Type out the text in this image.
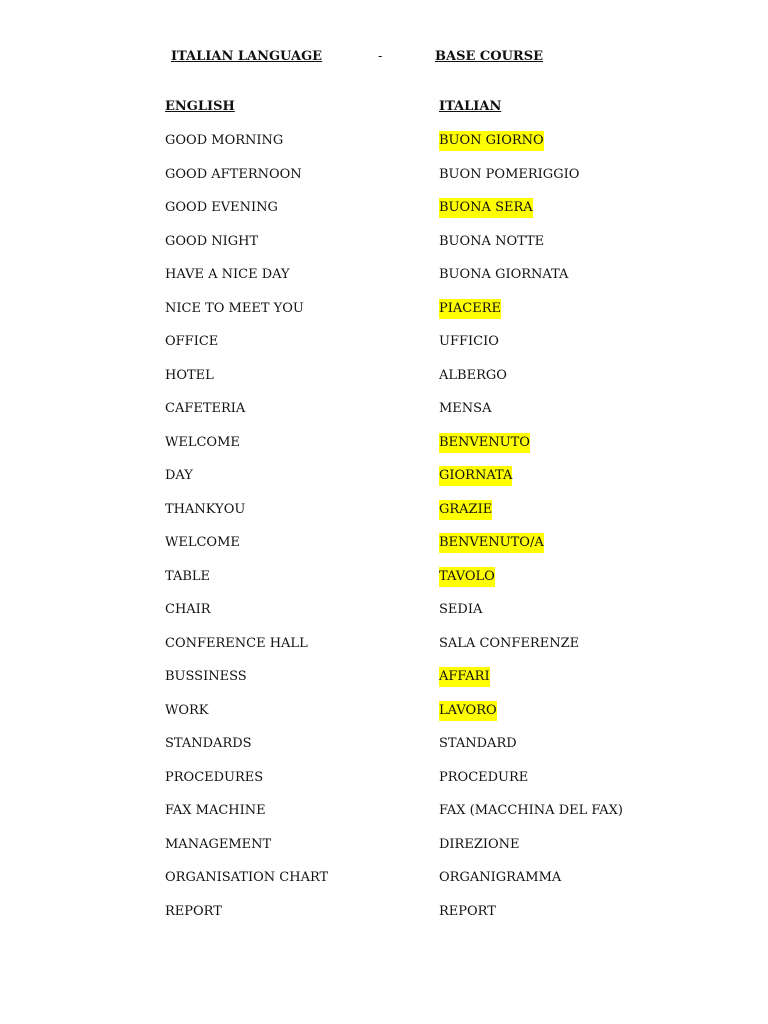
ITALIAN LANGUAGE	-	BASE COURSE
ENGLISH	ITALIAN
GOOD MORNING	BUON GIORNO
GOOD AFTERNOON	BUON POMERIGGIO
GOOD EVENING	BUONA SERA
GOOD NIGHT	BUONA NOTTE
HAVE A NICE DAY	BUONA GIORNATA
NICE TO MEET YOU	PIACERE
OFFICE	UFFICIO
HOTEL	ALBERGO
CAFETERIA	MENSA
WELCOME	BENVENUTO
DAY	GIORNATA
THANKYOU	GRAZIE
WELCOME	BENVENUTO/A
TABLE	TAVOLO
CHAIR	SEDIA
CONFERENCE HALL	SALA CONFERENZE
BUSSINESS	AFFARI
WORK	LAVORO
STANDARDS	STANDARD
PROCEDURES	PROCEDURE
FAX MACHINE	FAX (MACCHINA DEL FAX)
MANAGEMENT	DIREZIONE
ORGANISATION CHART	ORGANIGRAMMA
REPORT	REPORT
